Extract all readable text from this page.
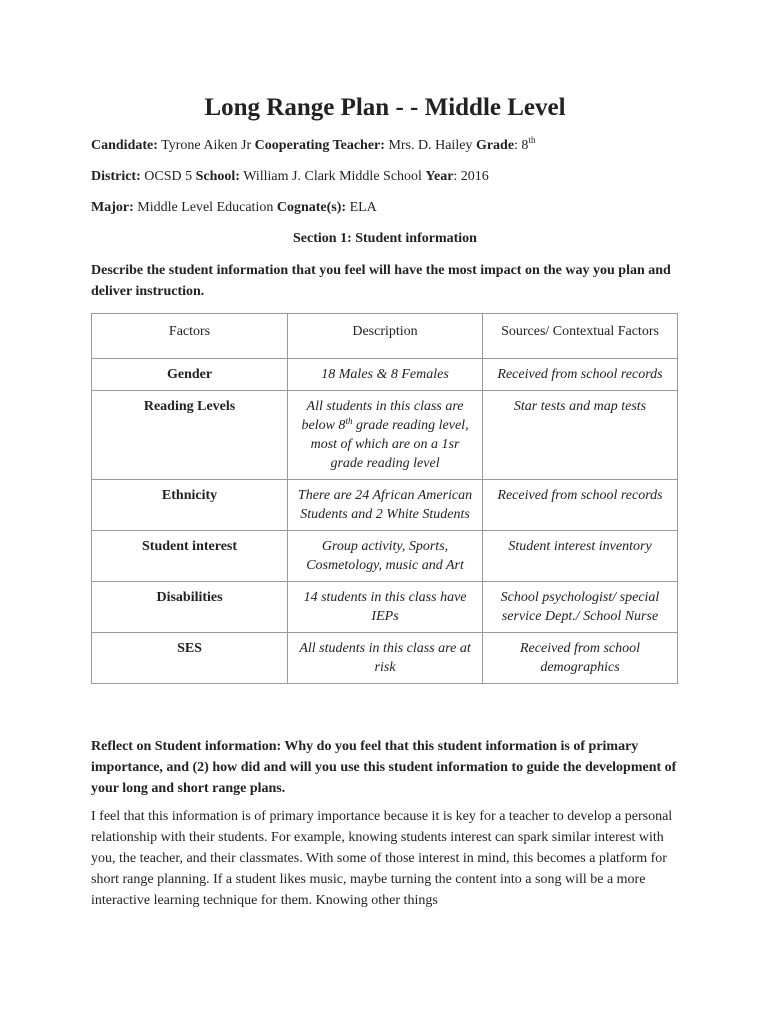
Long Range Plan - - Middle Level
Candidate: Tyrone Aiken Jr Cooperating Teacher: Mrs. D. Hailey Grade: 8th
District: OCSD 5 School: William J. Clark Middle School Year: 2016
Major: Middle Level Education Cognate(s): ELA
Section 1: Student information
Describe the student information that you feel will have the most impact on the way you plan and deliver instruction.
Factors	Description	Sources/ Contextual Factors
Gender	18 Males & 8 Females	Received from school records
Reading Levels	All students in this class are below 8th grade reading level, most of which are on a 1sr grade reading level	Star tests and map tests
Ethnicity	There are 24 African American Students and 2 White Students	Received from school records
Student interest	Group activity, Sports, Cosmetology, music and Art	Student interest inventory
Disabilities	14 students in this class have IEPs	School psychologist/ special service Dept./ School Nurse
SES	All students in this class are at risk	Received from school demographics
Reflect on Student information: Why do you feel that this student information is of primary importance, and (2) how did and will you use this student information to guide the development of your long and short range plans.
I feel that this information is of primary importance because it is key for a teacher to develop a personal relationship with their students. For example, knowing students interest can spark similar interest with you, the teacher, and their classmates. With some of those interest in mind, this becomes a platform for short range planning. If a student likes music, maybe turning the content into a song will be a more interactive learning technique for them. Knowing other things
